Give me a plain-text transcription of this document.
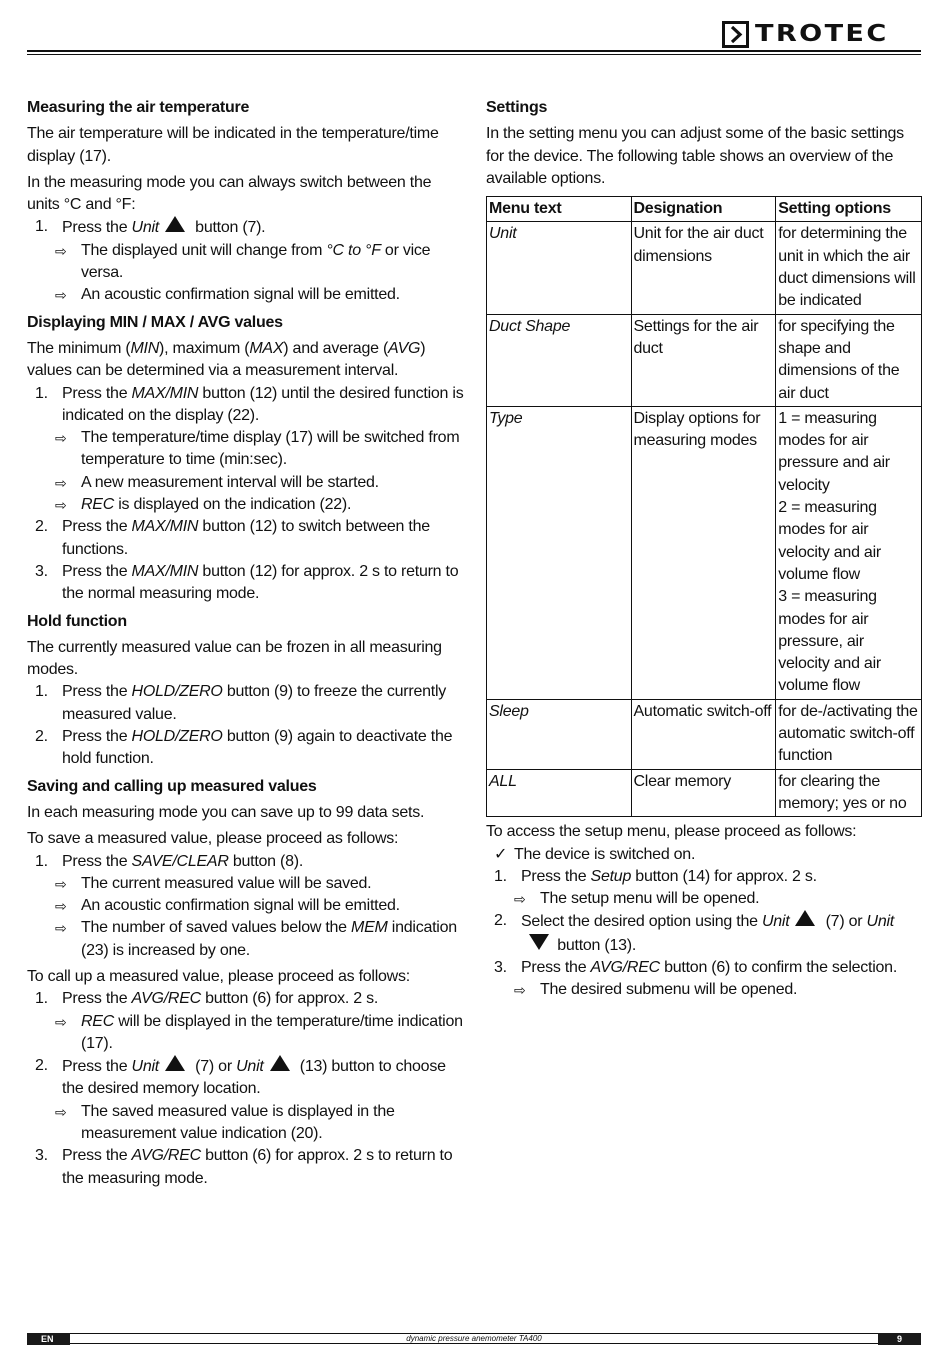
TROTEC
Measuring the air temperature

The air temperature will be indicated in the temperature/time display (17).

In the measuring mode you can always switch between the units °C and °F:

1. Press the Unit button (7).
⇨ The displayed unit will change from °C to °F or vice versa.
⇨ An acoustic confirmation signal will be emitted.
Displaying MIN / MAX / AVG values

The minimum (MIN), maximum (MAX) and average (AVG) values can be determined via a measurement interval.

1. Press the MAX/MIN button (12) until the desired function is indicated on the display (22).
⇨ The temperature/time display (17) will be switched from temperature to time (min:sec).
⇨ A new measurement interval will be started.
⇨ REC is displayed on the indication (22).
2. Press the MAX/MIN button (12) to switch between the functions.
3. Press the MAX/MIN button (12) for approx. 2 s to return to the normal measuring mode.
Hold function

The currently measured value can be frozen in all measuring modes.

1. Press the HOLD/ZERO button (9) to freeze the currently measured value.
2. Press the HOLD/ZERO button (9) again to deactivate the hold function.
Saving and calling up measured values

In each measuring mode you can save up to 99 data sets.

To save a measured value, please proceed as follows:

1. Press the SAVE/CLEAR button (8).
⇨ The current measured value will be saved.
⇨ An acoustic confirmation signal will be emitted.
⇨ The number of saved values below the MEM indication (23) is increased by one.

To call up a measured value, please proceed as follows:

1. Press the AVG/REC button (6) for approx. 2 s.
⇨ REC will be displayed in the temperature/time indication (17).
2. Press the Unit (7) or Unit (13) button to choose the desired memory location.
⇨ The saved measured value is displayed in the measurement value indication (20).
3. Press the AVG/REC button (6) for approx. 2 s to return to the measuring mode.
Settings

In the setting menu you can adjust some of the basic settings for the device. The following table shows an overview of the available options.

Menu text	Designation	Setting options
Unit	Unit for the air duct dimensions	for determining the unit in which the air duct dimensions will be indicated
Duct Shape	Settings for the air duct	for specifying the shape and dimensions of the air duct
Type	Display options for measuring modes	1 = measuring modes for air pressure and air velocity
2 = measuring modes for air velocity and air volume flow
3 = measuring modes for air pressure, air velocity and air volume flow

Sleep	Automatic switch-off	for de-/activating the automatic switch-off function
ALL	Clear memory	for clearing the memory; yes or no

To access the setup menu, please proceed as follows:

✓ The device is switched on.
1. Press the Setup button (14) for approx. 2 s.
⇨ The setup menu will be opened.
2. Select the desired option using the Unit (7) or Unit button (13).
3. Press the AVG/REC button (6) to confirm the selection.
⇨ The desired submenu will be opened.
dynamic pressure anemometer TA400
EN	9
